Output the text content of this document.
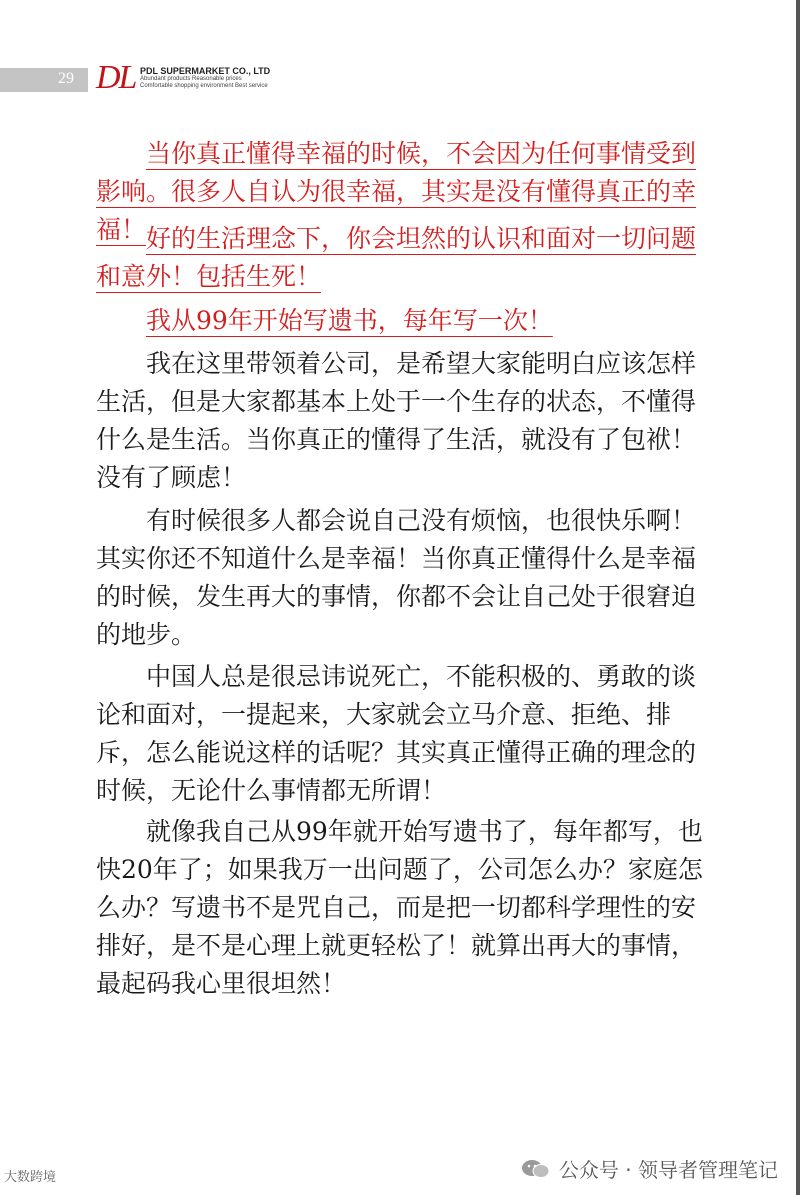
29 DL PDL SUPERMARKET CO., LTD
Abundant products Reasonable prices
Comfortable shopping environment Best service

当你真正懂得幸福的时候，不会因为任何事情受到影响。很多人自认为很幸福，其实是没有懂得真正的幸福！ 好的生活理念下，你会坦然的认识和面对一切问题和意外！包括生死！

我从99年开始写遗书，每年写一次！

我在这里带领着公司，是希望大家能明白应该怎样生活，但是大家都基本上处于一个生存的状态，不懂得什么是生活。当你真正的懂得了生活，就没有了包袱！没有了顾虑！

有时候很多人都会说自己没有烦恼，也很快乐啊！其实你还不知道什么是幸福！当你真正懂得什么是幸福的时候，发生再大的事情，你都不会让自己处于很窘迫的地步。

中国人总是很忌讳说死亡，不能积极的、勇敢的谈论和面对，一提起来，大家就会立马介意、拒绝、排斥，怎么能说这样的话呢？其实真正懂得正确的理念的时候，无论什么事情都无所谓！

就像我自己从99年就开始写遗书了，每年都写，也快20年了；如果我万一出问题了，公司怎么办？家庭怎么办？写遗书不是咒自己，而是把一切都科学理性的安排好，是不是心理上就更轻松了！就算出再大的事情，最起码我心里很坦然！

大数跨境	公众号 · 领导者管理笔记
